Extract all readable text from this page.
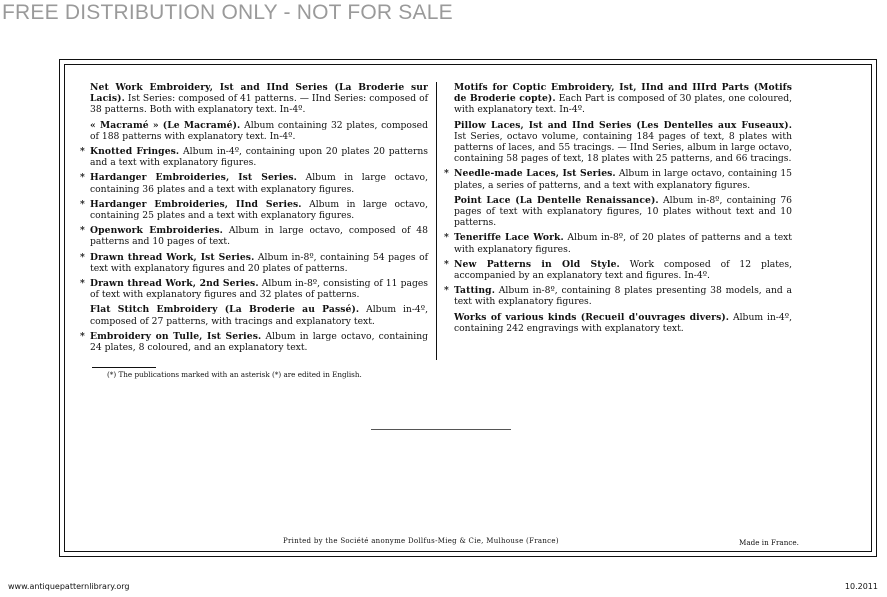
FREE DISTRIBUTION ONLY - NOT FOR SALE
Net Work Embroidery, Ist and IInd Series (La Broderie sur Lacis). Ist Series: composed of 41 patterns. — IInd Series: composed of 38 patterns. Both with explanatory text. In-4º.
« Macramé » (Le Macramé). Album containing 32 plates, composed of 188 patterns with explanatory text. In-4º.
* Knotted Fringes. Album in-4º, containing upon 20 plates 20 patterns and a text with explanatory figures.
* Hardanger Embroideries, Ist Series. Album in large octavo, containing 36 plates and a text with explanatory figures.
* Hardanger Embroideries, IInd Series. Album in large octavo, containing 25 plates and a text with explanatory figures.
* Openwork Embroideries. Album in large octavo, composed of 48 patterns and 10 pages of text.
* Drawn thread Work, Ist Series. Album in-8º, containing 54 pages of text with explanatory figures and 20 plates of patterns.
* Drawn thread Work, 2nd Series. Album in-8º, consisting of 11 pages of text with explanatory figures and 32 plates of patterns.
Flat Stitch Embroidery (La Broderie au Passé). Album in-4º, composed of 27 patterns, with tracings and explanatory text.
* Embroidery on Tulle, Ist Series. Album in large octavo, containing 24 plates, 8 coloured, and an explanatory text.
Motifs for Coptic Embroidery, Ist, IInd and IIIrd Parts (Motifs de Broderie copte). Each Part is composed of 30 plates, one coloured, with explanatory text. In-4º.
Pillow Laces, Ist and IInd Series (Les Dentelles aux Fuseaux). Ist Series, octavo volume, containing 184 pages of text, 8 plates with patterns of laces, and 55 tracings. — IInd Series, album in large octavo, containing 58 pages of text, 18 plates with 25 patterns, and 66 tracings.
* Needle-made Laces, Ist Series. Album in large octavo, containing 15 plates, a series of patterns, and a text with explanatory figures.
Point Lace (La Dentelle Renaissance). Album in-8º, containing 76 pages of text with explanatory figures, 10 plates without text and 10 patterns.
* Teneriffe Lace Work. Album in-8º, of 20 plates of patterns and a text with explanatory figures.
* New Patterns in Old Style. Work composed of 12 plates, accompanied by an explanatory text and figures. In-4º.
* Tatting. Album in-8º, containing 8 plates presenting 38 models, and a text with explanatory figures.
Works of various kinds (Recueil d'ouvrages divers). Album in-4º, containing 242 engravings with explanatory text.
(*) The publications marked with an asterisk (*) are edited in English.
Printed by the Société anonyme Dollfus-Mieg & Cie, Mulhouse (France)	Made in France.
www.antiquepatternlibrary.org	10.2011
